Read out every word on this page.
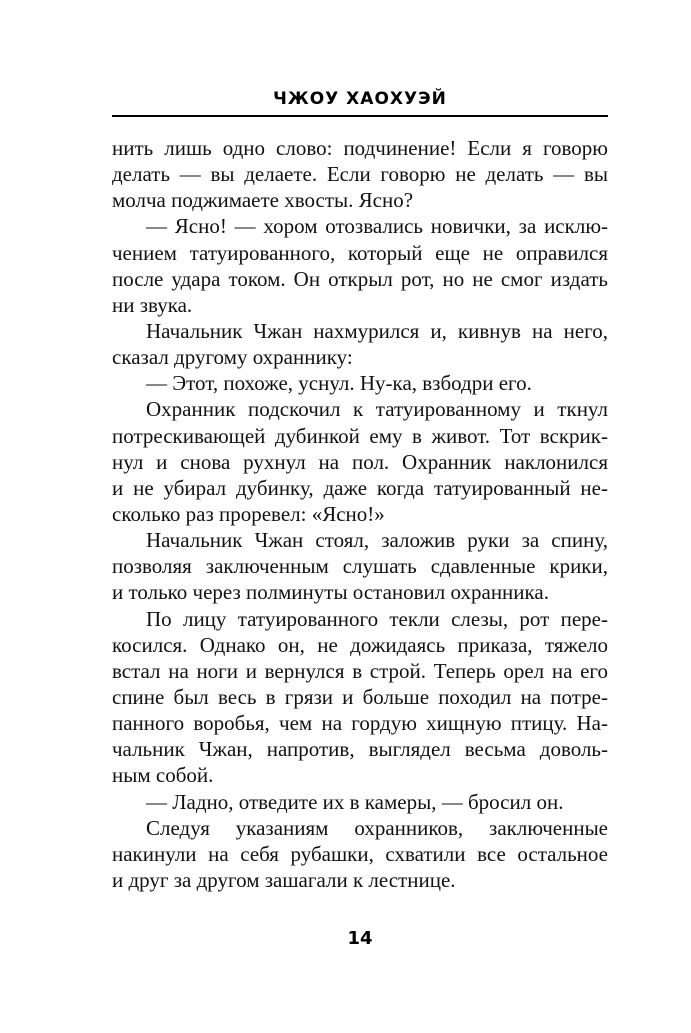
ЧЖОУ ХАОХУЭЙ
нить лишь одно слово: подчинение! Если я говорю
делать — вы делаете. Если говорю не делать — вы
молча поджимаете хвосты. Ясно?
— Ясно! — хором отозвались новички, за исклю-
чением татуированного, который еще не оправился
после удара током. Он открыл рот, но не смог издать
ни звука.
Начальник Чжан нахмурился и, кивнув на него,
сказал другому охраннику:
— Этот, похоже, уснул. Ну-ка, взбодри его.
Охранник подскочил к татуированному и ткнул
потрескивающей дубинкой ему в живот. Тот вскрик-
нул и снова рухнул на пол. Охранник наклонился
и не убирал дубинку, даже когда татуированный не-
сколько раз проревел: «Ясно!»
Начальник Чжан стоял, заложив руки за спину,
позволяя заключенным слушать сдавленные крики,
и только через полминуты остановил охранника.
По лицу татуированного текли слезы, рот пере-
косился. Однако он, не дожидаясь приказа, тяжело
встал на ноги и вернулся в строй. Теперь орел на его
спине был весь в грязи и больше походил на потре-
панного воробья, чем на гордую хищную птицу. На-
чальник Чжан, напротив, выглядел весьма доволь-
ным собой.
— Ладно, отведите их в камеры, — бросил он.
Следуя указаниям охранников, заключенные
накинули на себя рубашки, схватили все остальное
и друг за другом зашагали к лестнице.
14
